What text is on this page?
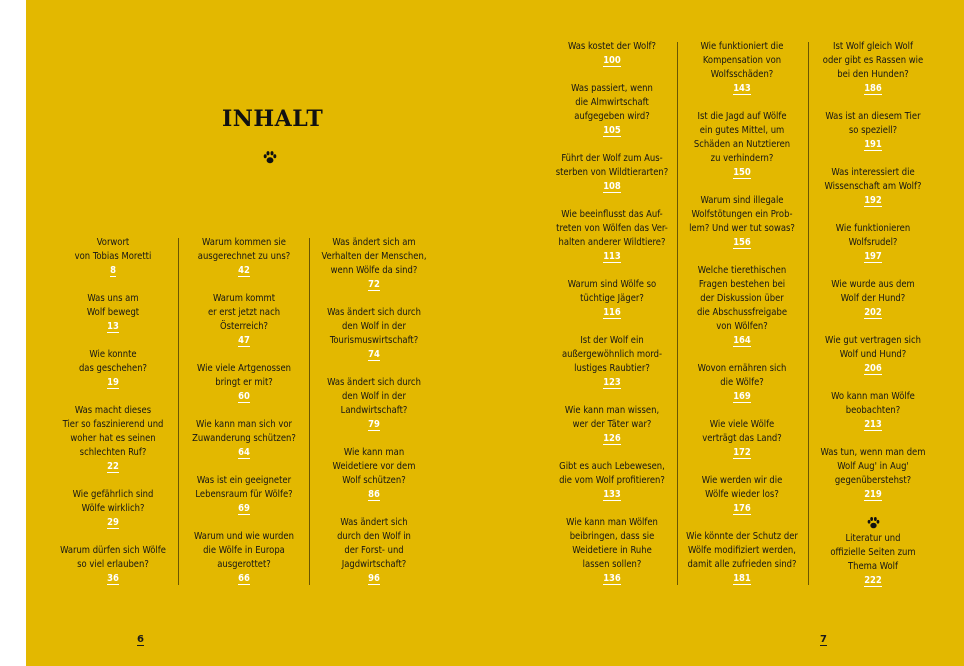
INHALT
Vorwort
von Tobias Moretti
8
Was uns am
Wolf bewegt
13
Wie konnte
das geschehen?
19
Was macht dieses
Tier so faszinierend und
woher hat es seinen
schlechten Ruf?
22
Wie gefährlich sind
Wölfe wirklich?
29
Warum dürfen sich Wölfe
so viel erlauben?
36
Warum kommen sie
ausgerechnet zu uns?
42
Warum kommt
er erst jetzt nach
Österreich?
47
Wie viele Artgenossen
bringt er mit?
60
Wie kann man sich vor
Zuwanderung schützen?
64
Was ist ein geeigneter
Lebensraum für Wölfe?
69
Warum und wie wurden
die Wölfe in Europa
ausgerottet?
66
Was ändert sich am
Verhalten der Menschen,
wenn Wölfe da sind?
72
Was ändert sich durch
den Wolf in der
Tourismuswirtschaft?
74
Was ändert sich durch
den Wolf in der
Landwirtschaft?
79
Wie kann man
Weidetiere vor dem
Wolf schützen?
86
Was ändert sich
durch den Wolf in
der Forst- und
Jagdwirtschaft?
96
Was kostet der Wolf?
100
Was passiert, wenn
die Almwirtschaft
aufgegeben wird?
105
Führt der Wolf zum Aus-
sterben von Wildtierarten?
108
Wie beeinflusst das Auf-
treten von Wölfen das Ver-
halten anderer Wildtiere?
113
Warum sind Wölfe so
tüchtige Jäger?
116
Ist der Wolf ein
außergewöhnlich mord-
lustiges Raubtier?
123
Wie kann man wissen,
wer der Täter war?
126
Gibt es auch Lebewesen,
die vom Wolf profitieren?
133
Wie kann man Wölfen
beibringen, dass sie
Weidetiere in Ruhe
lassen sollen?
136
Wie funktioniert die
Kompensation von
Wolfsschäden?
143
Ist die Jagd auf Wölfe
ein gutes Mittel, um
Schäden an Nutztieren
zu verhindern?
150
Warum sind illegale
Wolfstötungen ein Prob-
lem? Und wer tut sowas?
156
Welche tierethischen
Fragen bestehen bei
der Diskussion über
die Abschussfreigabe
von Wölfen?
164
Wovon ernähren sich
die Wölfe?
169
Wie viele Wölfe
verträgt das Land?
172
Wie werden wir die
Wölfe wieder los?
176
Wie könnte der Schutz der
Wölfe modifiziert werden,
damit alle zufrieden sind?
181
Ist Wolf gleich Wolf
oder gibt es Rassen wie
bei den Hunden?
186
Was ist an diesem Tier
so speziell?
191
Was interessiert die
Wissenschaft am Wolf?
192
Wie funktionieren
Wolfsrudel?
197
Wie wurde aus dem
Wolf der Hund?
202
Wie gut vertragen sich
Wolf und Hund?
206
Wo kann man Wölfe
beobachten?
213
Was tun, wenn man dem
Wolf Aug' in Aug'
gegenüberstehst?
219
Literatur und
offizielle Seiten zum
Thema Wolf
222
6	7
